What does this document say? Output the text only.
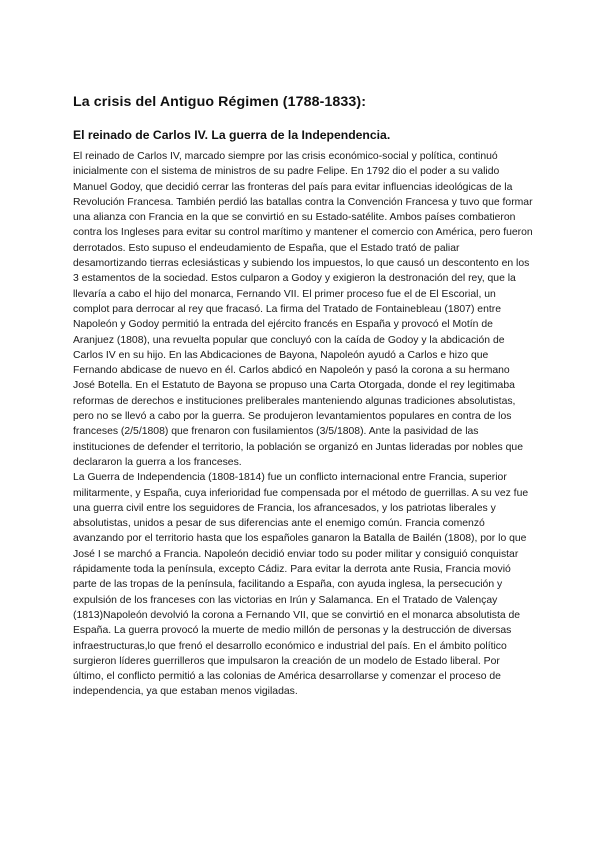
La crisis del Antiguo Régimen (1788-1833):
El reinado de Carlos IV. La guerra de la Independencia.

El reinado de Carlos IV, marcado siempre por las crisis económico-social y política, continuó inicialmente con el sistema de ministros de su padre Felipe. En 1792 dio el poder a su valido Manuel Godoy, que decidió cerrar las fronteras del país para evitar influencias ideológicas de la Revolución Francesa. También perdió las batallas contra la Convención Francesa y tuvo que formar una alianza con Francia en la que se convirtió en su Estado-satélite. Ambos países combatieron contra los Ingleses para evitar su control marítimo y mantener el comercio con América, pero fueron derrotados. Esto supuso el endeudamiento de España, que el Estado trató de paliar desamortizando tierras eclesiásticas y subiendo los impuestos, lo que causó un descontento en los 3 estamentos de la sociedad. Estos culparon a Godoy y exigieron la destronación del rey, que la llevaría a cabo el hijo del monarca, Fernando VII. El primer proceso fue el de El Escorial, un complot para derrocar al rey que fracasó. La firma del Tratado de Fontainebleau (1807) entre Napoleón y Godoy permitió la entrada del ejército francés en España y provocó el Motín de Aranjuez (1808), una revuelta popular que concluyó con la caída de Godoy y la abdicación de Carlos IV en su hijo. En las Abdicaciones de Bayona, Napoleón ayudó a Carlos e hizo que Fernando abdicase de nuevo en él. Carlos abdicó en Napoleón y pasó la corona a su hermano José Botella. En el Estatuto de Bayona se propuso una Carta Otorgada, donde el rey legitimaba reformas de derechos e instituciones preliberales manteniendo algunas tradiciones absolutistas, pero no se llevó a cabo por la guerra. Se produjeron levantamientos populares en contra de los franceses (2/5/1808) que frenaron con fusilamientos (3/5/1808). Ante la pasividad de las instituciones de defender el territorio, la población se organizó en Juntas lideradas por nobles que declararon la guerra a los franceses.

La Guerra de Independencia (1808-1814) fue un conflicto internacional entre Francia, superior militarmente, y España, cuya inferioridad fue compensada por el método de guerrillas. A su vez fue una guerra civil entre los seguidores de Francia, los afrancesados, y los patriotas liberales y absolutistas, unidos a pesar de sus diferencias ante el enemigo común. Francia comenzó avanzando por el territorio hasta que los españoles ganaron la Batalla de Bailén (1808), por lo que José I se marchó a Francia. Napoleón decidió enviar todo su poder militar y consiguió conquistar rápidamente toda la península, excepto Cádiz. Para evitar la derrota ante Rusia, Francia movió parte de las tropas de la península, facilitando a España, con ayuda inglesa, la persecución y expulsión de los franceses con las victorias en Irún y Salamanca. En el Tratado de Valençay (1813)Napoleón devolvió la corona a Fernando VII, que se convirtió en el monarca absolutista de España. La guerra provocó la muerte de medio millón de personas y la destrucción de diversas infraestructuras,lo que frenó el desarrollo económico e industrial del país. En el ámbito político surgieron líderes guerrilleros que impulsaron la creación de un modelo de Estado liberal. Por último, el conflicto permitió a las colonias de América desarrollarse y comenzar el proceso de independencia, ya que estaban menos vigiladas.
